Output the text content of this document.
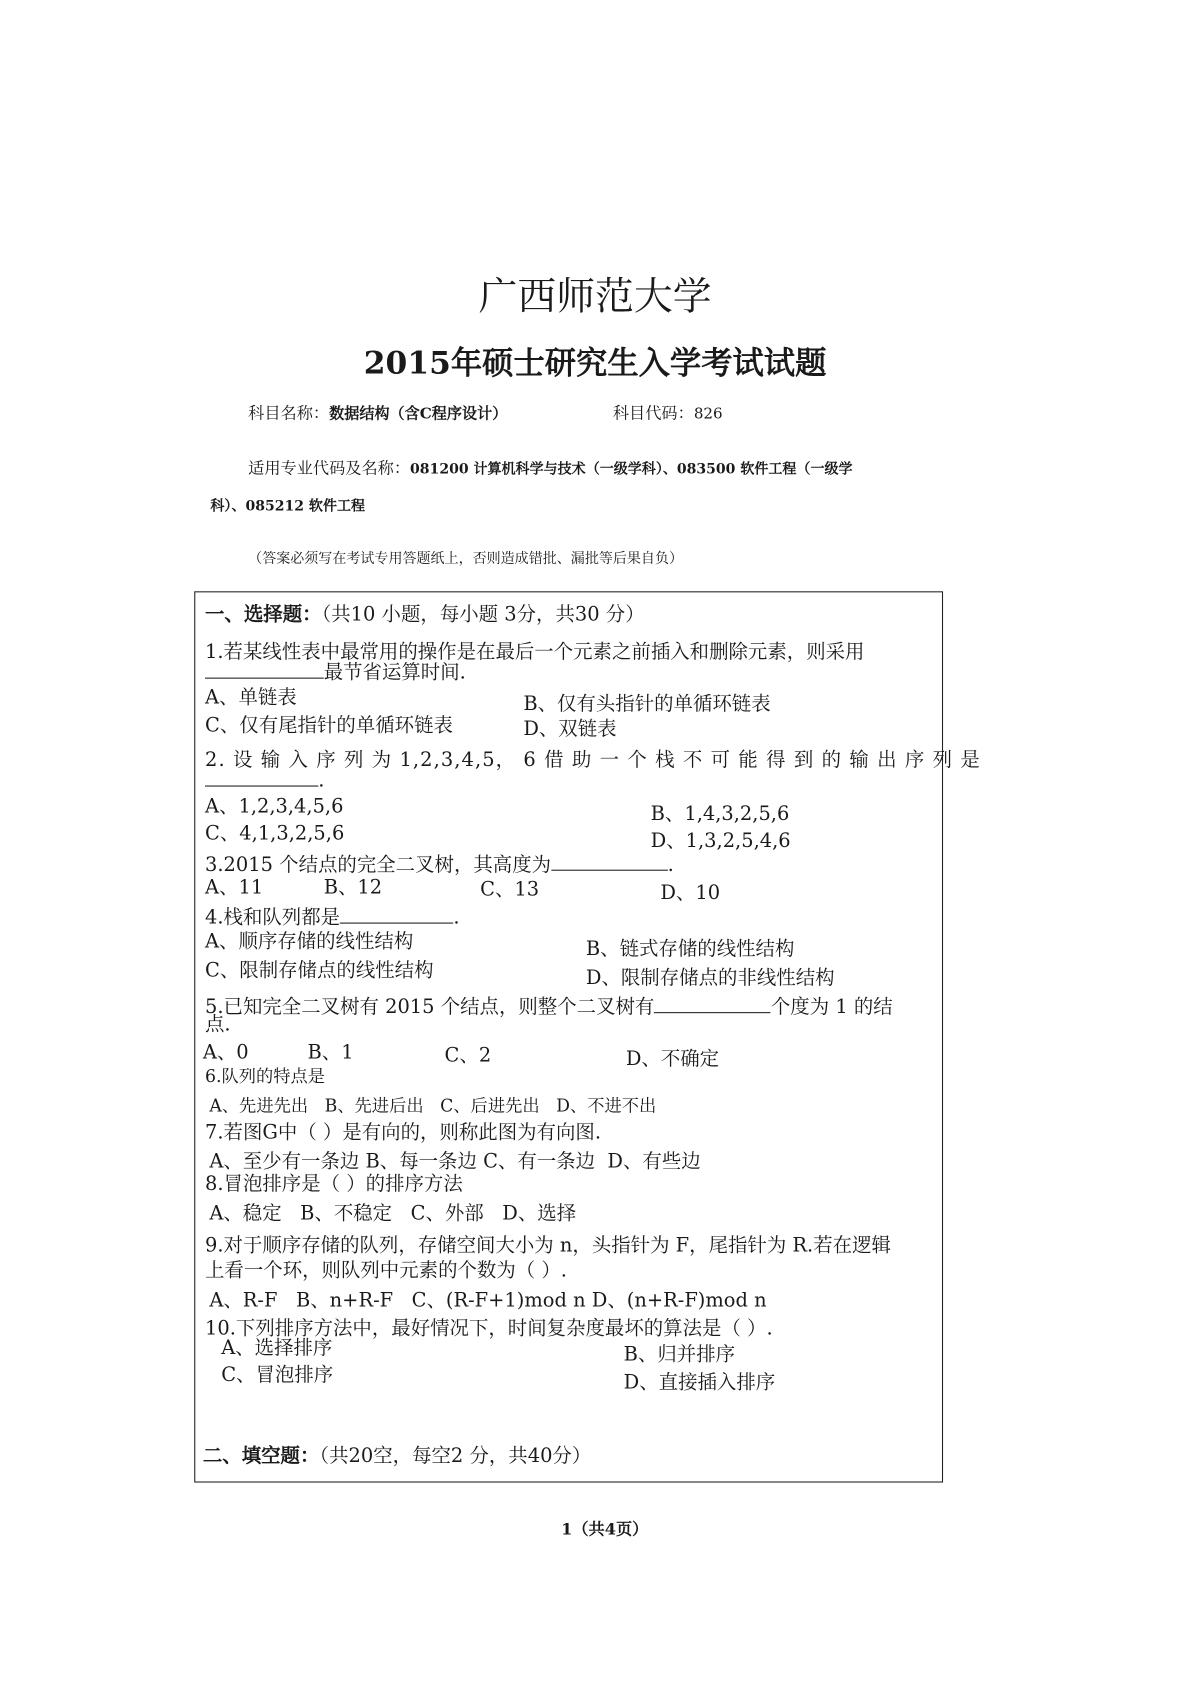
广西师范大学
2015年硕士研究生入学考试试题
科目名称：数据结构（含C程序设计）	科目代码：826
适用专业代码及名称：081200 计算机科学与技术（一级学科）、083500 软件工程（一级学
科）、085212 软件工程
（答案必须写在考试专用答题纸上，否则造成错批、漏批等后果自负）
一、选择题：（共10 小题，每小题 3分，共30 分）
1.若某线性表中最常用的操作是在最后一个元素之前插入和删除元素，则采用
最节省运算时间.
A、单链表	B、仅有头指针的单循环链表
C、仅有尾指针的单循环链表	D、双链表
2. 设 输 入 序 列 为 1,2,3,4,5， 6 借 助 一 个 栈 不 可 能 得 到 的 输 出 序 列 是
.
A、1,2,3,4,5,6	B、1,4,3,2,5,6
C、4,1,3,2,5,6	D、1,3,2,5,4,6
3.2015 个结点的完全二叉树，其高度为	.
A、11	B、12	C、13	D、10
4.栈和队列都是	.
A、顺序存储的线性结构	B、链式存储的线性结构
C、限制存储点的线性结构	D、限制存储点的非线性结构
5.已知完全二叉树有 2015 个结点，则整个二叉树有	个度为 1 的结
点.
A、0	B、1	C、2	D、不确定
6.队列的特点是
A、先进先出 B、先进后出 C、后进先出 D、不进不出
7.若图G中（ ）是有向的，则称此图为有向图.
A、至少有一条边 B、每一条边 C、有一条边 D、有些边
8.冒泡排序是（ ）的排序方法
A、稳定 B、不稳定 C、外部 D、选择
9.对于顺序存储的队列，存储空间大小为 n，头指针为 F，尾指针为 R.若在逻辑
上看一个环，则队列中元素的个数为（ ）.
A、R-F B、n+R-F C、(R-F+1)mod n D、(n+R-F)mod n
10.下列排序方法中，最好情况下，时间复杂度最坏的算法是（ ）.
A、选择排序	B、归并排序
C、冒泡排序	D、直接插入排序
二、填空题：（共20空，每空2 分，共40分）
1（共4页）
